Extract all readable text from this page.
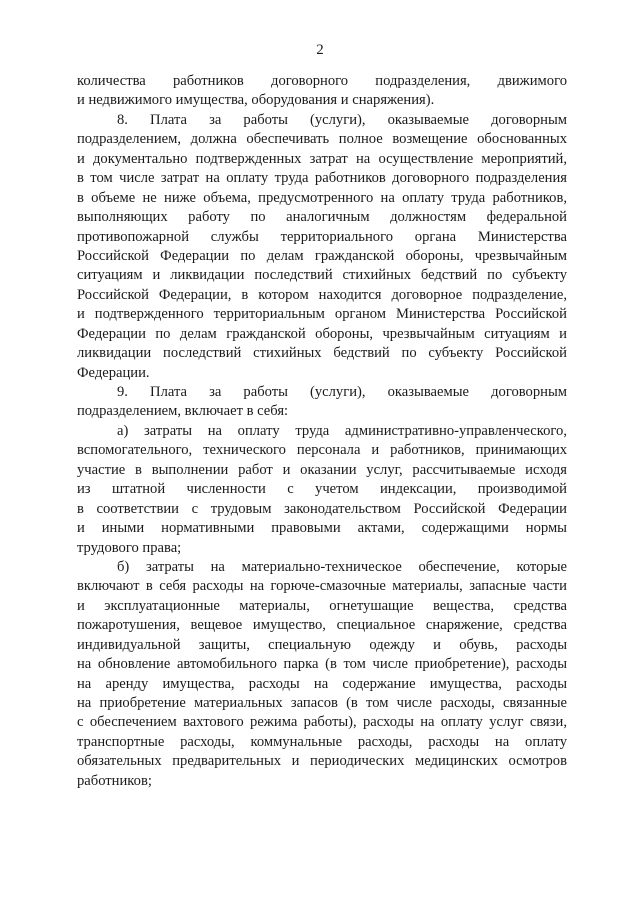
2
количества работников договорного подразделения, движимого
и недвижимого имущества, оборудования и снаряжения).
8. Плата за работы (услуги), оказываемые договорным
подразделением, должна обеспечивать полное возмещение обоснованных
и документально подтвержденных затрат на осуществление мероприятий,
в том числе затрат на оплату труда работников договорного подразделения
в объеме не ниже объема, предусмотренного на оплату труда работников,
выполняющих работу по аналогичным должностям федеральной
противопожарной службы территориального органа Министерства
Российской Федерации по делам гражданской обороны, чрезвычайным
ситуациям и ликвидации последствий стихийных бедствий по субъекту
Российской Федерации, в котором находится договорное подразделение,
и подтвержденного территориальным органом Министерства Российской
Федерации по делам гражданской обороны, чрезвычайным ситуациям и
ликвидации последствий стихийных бедствий по субъекту Российской
Федерации.
9. Плата за работы (услуги), оказываемые договорным
подразделением, включает в себя:
а) затраты на оплату труда административно-управленческого,
вспомогательного, технического персонала и работников, принимающих
участие в выполнении работ и оказании услуг, рассчитываемые исходя
из штатной численности с учетом индексации, производимой
в соответствии с трудовым законодательством Российской Федерации
и иными нормативными правовыми актами, содержащими нормы
трудового права;
б) затраты на материально-техническое обеспечение, которые
включают в себя расходы на горюче-смазочные материалы, запасные части
и эксплуатационные материалы, огнетушащие вещества, средства
пожаротушения, вещевое имущество, специальное снаряжение, средства
индивидуальной защиты, специальную одежду и обувь, расходы
на обновление автомобильного парка (в том числе приобретение), расходы
на аренду имущества, расходы на содержание имущества, расходы
на приобретение материальных запасов (в том числе расходы, связанные
с обеспечением вахтового режима работы), расходы на оплату услуг связи,
транспортные расходы, коммунальные расходы, расходы на оплату
обязательных предварительных и периодических медицинских осмотров
работников;
